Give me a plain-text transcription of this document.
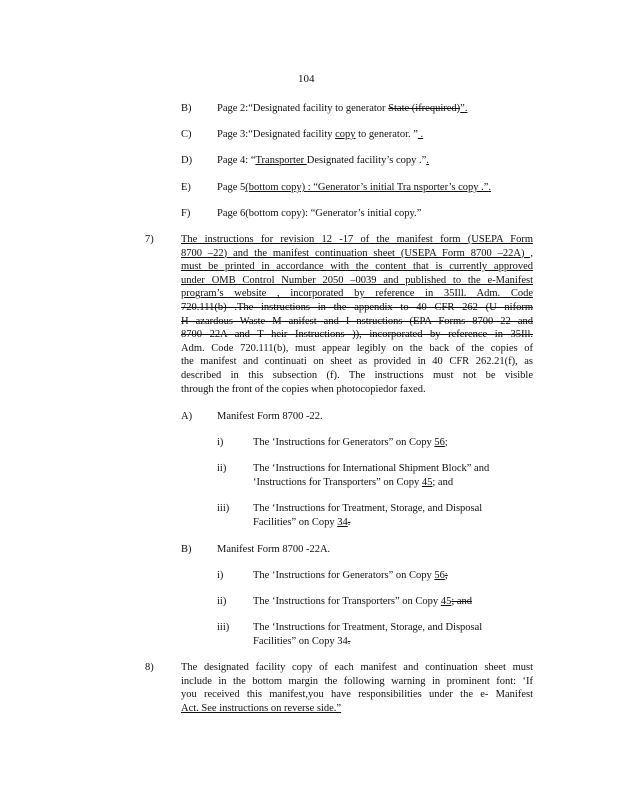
104
B) Page 2:“Designated facility to generator State (ifrequired)”.
C) Page 3:“Designated facility copy to generator. ” .
D) Page 4: “Transporter Designated facility’s copy .”.
E) Page 5(bottom copy) : “Generator’s initial Tra nsporter’s copy .”.
F)	Page 6(bottom copy): “Generator’s initial copy.”
7)	The instructions for revision 12 -17 of the manifest form (USEPA Form
8700 –22) and the manifest continuation sheet (USEPA Form 8700 –22A) ,
must be printed in accordance with the content that is currently approved
under OMB Control Number 2050 –0039 and published to the e-Manifest
program’s website , incorporated by reference in 35Ill. Adm. Code
720.111(b) .The instructions in the appendix to 40 CFR 262 (U niform
H azardous Waste M anifest and I nstructions (EPA Forms 8700 22 and
8700 22A and T heir Instructions )), incorporated by reference in 35Ill.
Adm. Code 720.111(b), must appear legibly on the back of the copies of
the manifest and continuati on sheet as provided in 40 CFR 262.21(f), as
described in this subsection (f). The instructions must not be visible
through the front of the copies when photocopiedor faxed.
A) Manifest Form 8700 -22.
i)	The ‘Instructions for Generators” on Copy 56;
ii)	The ‘Instructions for International Shipment Block” and
‘Instructions for Transporters” on Copy 45; and
iii) The ‘Instructions for Treatment, Storage, and Disposal
Facilities” on Copy 34.
B) Manifest Form 8700 -22A.
i)	The ‘Instructions for Generators” on Copy 56;
ii)	The ‘Instructions for Transporters” on Copy 45; and
iii) The ‘Instructions for Treatment, Storage, and Disposal
Facilities” on Copy 34.
8)	The designated facility copy of each manifest and continuation sheet must
include in the bottom margin the following warning in prominent font: ‘If
you received this manifest,you have responsibilities under the e- Manifest
Act. See instructions on reverse side.”
